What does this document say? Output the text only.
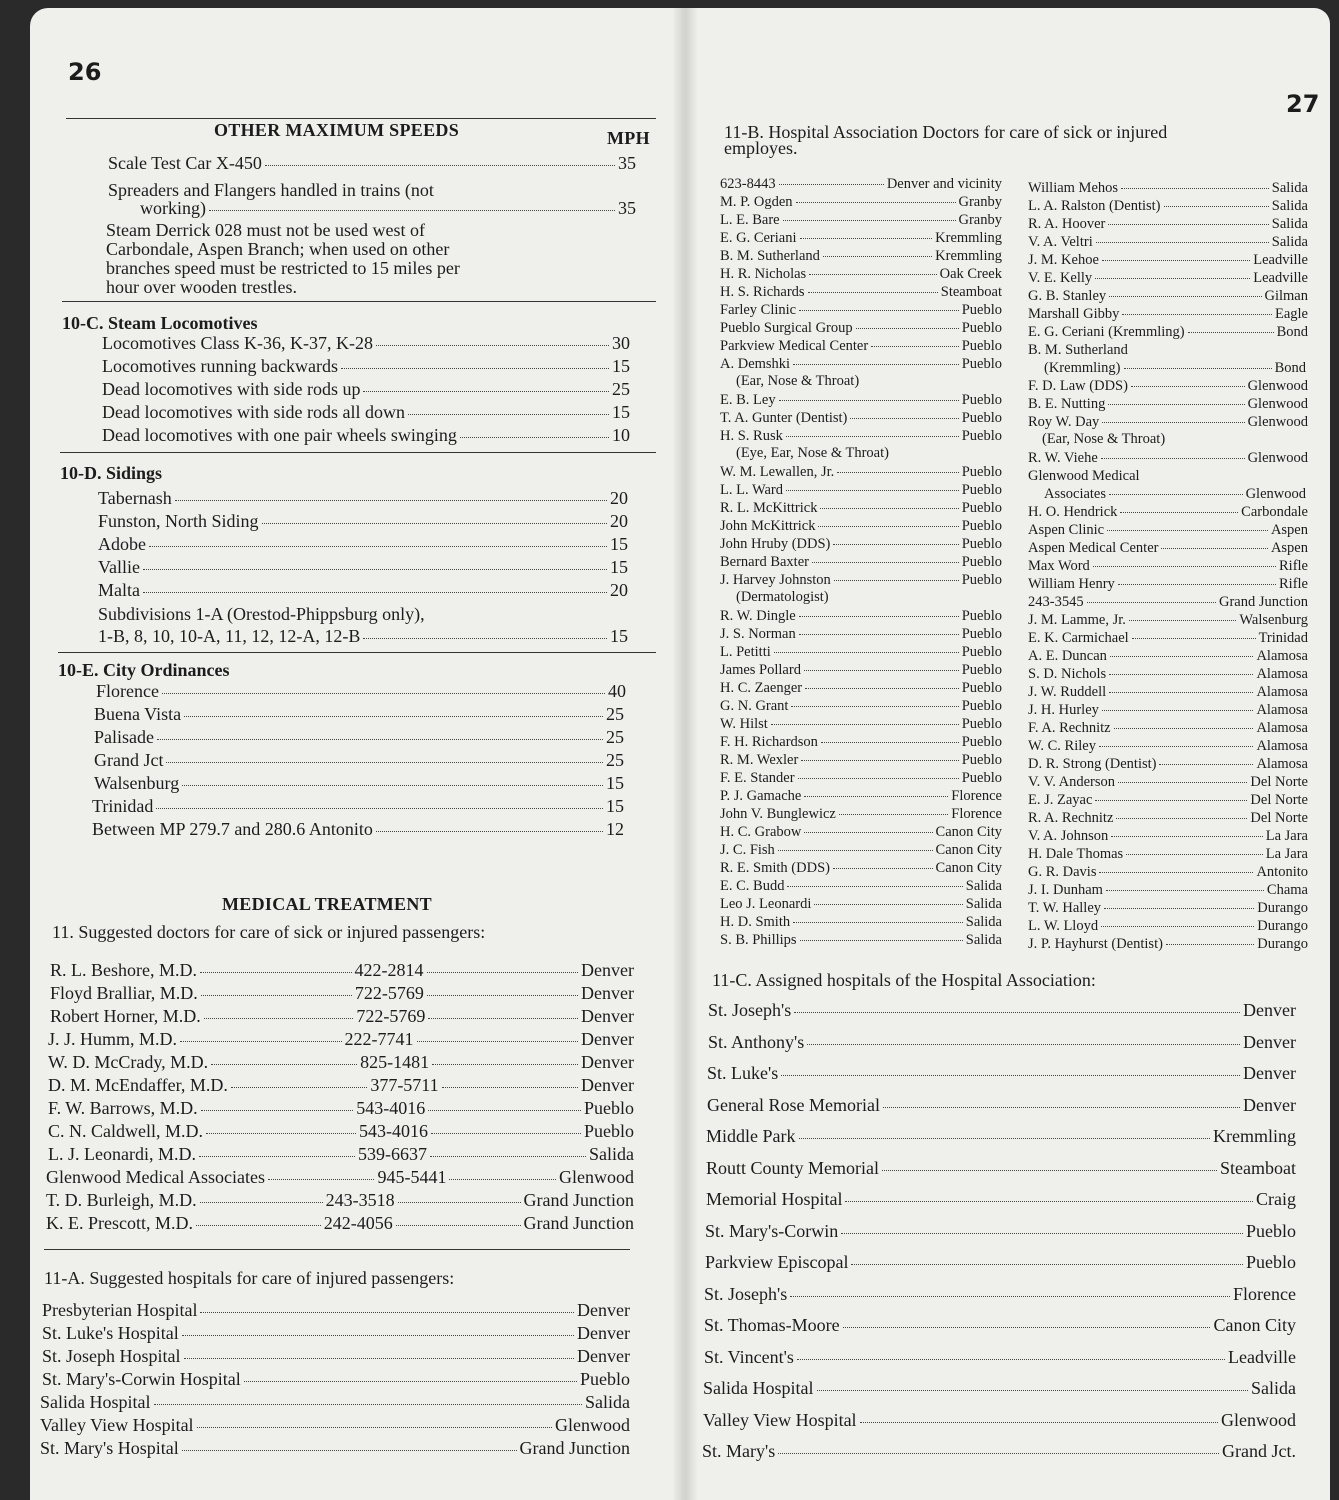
26
OTHER MAXIMUM SPEEDS	MPH
Scale Test Car X-450	35
Spreaders and Flangers handled in trains (not
working)	35
Steam Derrick 028 must not be used west of
Carbondale, Aspen Branch; when used on other
branches speed must be restricted to 15 miles per
hour over wooden trestles.
10-C. Steam Locomotives
Locomotives Class K-36, K-37, K-28	30
Locomotives running backwards	15
Dead locomotives with side rods up	25
Dead locomotives with side rods all down	15
Dead locomotives with one pair wheels swinging	10
10-D. Sidings
Tabernash	20
Funston, North Siding	20
Adobe	15
Vallie	15
Malta	20
Subdivisions 1-A (Orestod-Phippsburg only),
1-B, 8, 10, 10-A, 11, 12, 12-A, 12-B	15
10-E. City Ordinances
Florence	40
Buena Vista	25
Palisade	25
Grand Jct	25
Walsenburg	15
Trinidad	15
Between MP 279.7 and 280.6 Antonito	12
MEDICAL TREATMENT
11. Suggested doctors for care of sick or injured passengers:
R. L. Beshore, M.D.	422-2814	Denver
Floyd Bralliar, M.D.	722-5769	Denver
Robert Horner, M.D.	722-5769	Denver
J. J. Humm, M.D.	222-7741	Denver
W. D. McCrady, M.D.	825-1481	Denver
D. M. McEndaffer, M.D.	377-5711	Denver
F. W. Barrows, M.D.	543-4016	Pueblo
C. N. Caldwell, M.D.	543-4016	Pueblo
L. J. Leonardi, M.D.	539-6637	Salida
Glenwood Medical Associates	945-5441	Glenwood
T. D. Burleigh, M.D.	243-3518	Grand Junction
K. E. Prescott, M.D.	242-4056	Grand Junction
11-A. Suggested hospitals for care of injured passengers:
Presbyterian Hospital	Denver
St. Luke's Hospital	Denver
St. Joseph Hospital	Denver
St. Mary's-Corwin Hospital	Pueblo
Salida Hospital	Salida
Valley View Hospital	Glenwood
St. Mary's Hospital	Grand Junction
27
11-B. Hospital Association Doctors for care of sick or injured
employes.
623-8443	Denver and vicinity
M. P. Ogden	Granby
L. E. Bare	Granby
E. G. Ceriani	Kremmling
B. M. Sutherland	Kremmling
H. R. Nicholas	Oak Creek
H. S. Richards	Steamboat
Farley Clinic	Pueblo
Pueblo Surgical Group	Pueblo
Parkview Medical Center	Pueblo
A. Demshki	Pueblo
(Ear, Nose & Throat)
E. B. Ley	Pueblo
T. A. Gunter (Dentist)	Pueblo
H. S. Rusk	Pueblo
(Eye, Ear, Nose & Throat)
W. M. Lewallen, Jr.	Pueblo
L. L. Ward	Pueblo
R. L. McKittrick	Pueblo
John McKittrick	Pueblo
John Hruby (DDS)	Pueblo
Bernard Baxter	Pueblo
J. Harvey Johnston	Pueblo
(Dermatologist)
R. W. Dingle	Pueblo
J. S. Norman	Pueblo
L. Petitti	Pueblo
James Pollard	Pueblo
H. C. Zaenger	Pueblo
G. N. Grant	Pueblo
W. Hilst	Pueblo
F. H. Richardson	Pueblo
R. M. Wexler	Pueblo
F. E. Stander	Pueblo
P. J. Gamache	Florence
John V. Bunglewicz	Florence
H. C. Grabow	Canon City
J. C. Fish	Canon City
R. E. Smith (DDS)	Canon City
E. C. Budd	Salida
Leo J. Leonardi	Salida
H. D. Smith	Salida
S. B. Phillips	Salida
William Mehos	Salida
L. A. Ralston (Dentist)	Salida
R. A. Hoover	Salida
V. A. Veltri	Salida
J. M. Kehoe	Leadville
V. E. Kelly	Leadville
G. B. Stanley	Gilman
Marshall Gibby	Eagle
E. G. Ceriani (Kremmling)	Bond
B. M. Sutherland
(Kremmling)	Bond
F. D. Law (DDS)	Glenwood
B. E. Nutting	Glenwood
Roy W. Day	Glenwood
(Ear, Nose & Throat)
R. W. Viehe	Glenwood
Glenwood Medical
Associates	Glenwood
H. O. Hendrick	Carbondale
Aspen Clinic	Aspen
Aspen Medical Center	Aspen
Max Word	Rifle
William Henry	Rifle
243-3545	Grand Junction
J. M. Lamme, Jr.	Walsenburg
E. K. Carmichael	Trinidad
A. E. Duncan	Alamosa
S. D. Nichols	Alamosa
J. W. Ruddell	Alamosa
J. H. Hurley	Alamosa
F. A. Rechnitz	Alamosa
W. C. Riley	Alamosa
D. R. Strong (Dentist)	Alamosa
V. V. Anderson	Del Norte
E. J. Zayac	Del Norte
R. A. Rechnitz	Del Norte
V. A. Johnson	La Jara
H. Dale Thomas	La Jara
G. R. Davis	Antonito
J. I. Dunham	Chama
T. W. Halley	Durango
L. W. Lloyd	Durango
J. P. Hayhurst (Dentist)	Durango
11-C. Assigned hospitals of the Hospital Association:
St. Joseph's	Denver
St. Anthony's	Denver
St. Luke's	Denver
General Rose Memorial	Denver
Middle Park	Kremmling
Routt County Memorial	Steamboat
Memorial Hospital	Craig
St. Mary's-Corwin	Pueblo
Parkview Episcopal	Pueblo
St. Joseph's	Florence
St. Thomas-Moore	Canon City
St. Vincent's	Leadville
Salida Hospital	Salida
Valley View Hospital	Glenwood
St. Mary's	Grand Jct.
